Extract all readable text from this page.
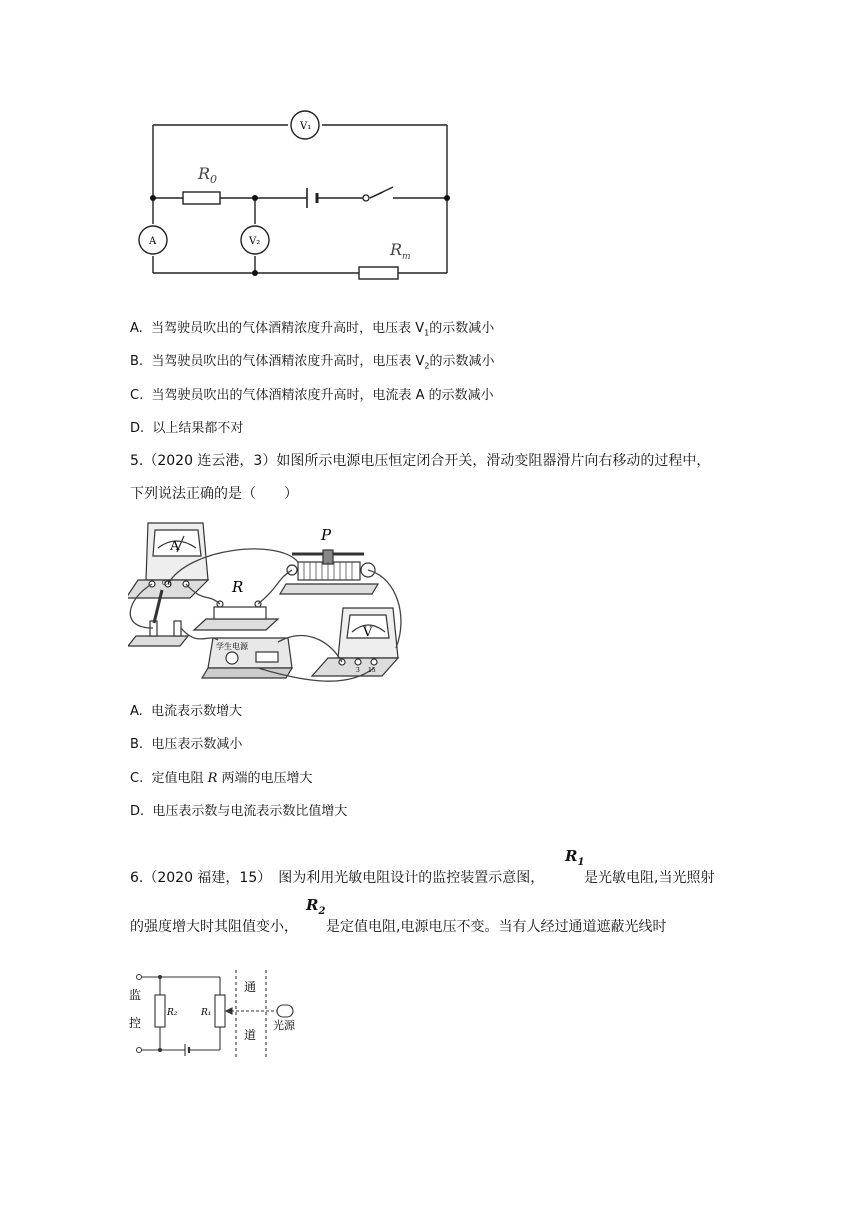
V₁
A	V₂
$R_0$
$R_m$
A. 当驾驶员吹出的气体酒精浓度升高时，电压表 $V_1$的示数减小
B. 当驾驶员吹出的气体酒精浓度升高时，电压表 $V_2$的示数减小
C. 当驾驶员吹出的气体酒精浓度升高时，电流表 A 的示数减小
D. 以上结果都不对
5.（2020 连云港，3）如图所示电源电压恒定闭合开关，滑动变阻器滑片向右移动的过程中，
下列说法正确的是（　　）
A
0.6	R
P
V
3 15
学生电源
A. 电流表示数增大
B. 电压表示数减小
C. 定值电阻 R 两端的电压增大
D. 电压表示数与电流表示数比值增大
6.（2020 福建，15）　图为利用光敏电阻设计的监控装置示意图，
$R_1$
是光敏电阻,当光照射
的强度增大时其阻值变小，
$R_2$
是定值电阻,电源电压不变。当有人经过通道遮蔽光线时
监
控
R₂	R₁
通
道
光源
